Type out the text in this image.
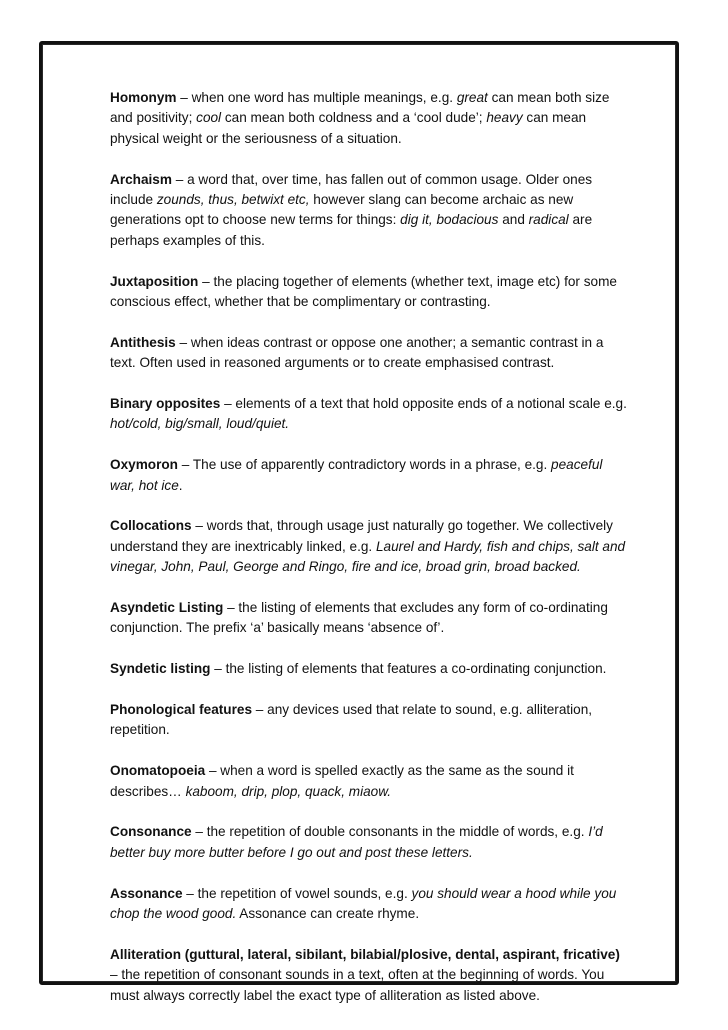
Homonym – when one word has multiple meanings, e.g. great can mean both size and positivity; cool can mean both coldness and a ‘cool dude’; heavy can mean physical weight or the seriousness of a situation.

Archaism – a word that, over time, has fallen out of common usage. Older ones include zounds, thus, betwixt etc, however slang can become archaic as new generations opt to choose new terms for things: dig it, bodacious and radical are perhaps examples of this.

Juxtaposition – the placing together of elements (whether text, image etc) for some conscious effect, whether that be complimentary or contrasting.

Antithesis – when ideas contrast or oppose one another; a semantic contrast in a text. Often used in reasoned arguments or to create emphasised contrast.

Binary opposites – elements of a text that hold opposite ends of a notional scale e.g. hot/cold, big/small, loud/quiet.

Oxymoron – The use of apparently contradictory words in a phrase, e.g. peaceful war, hot ice.

Collocations – words that, through usage just naturally go together. We collectively understand they are inextricably linked, e.g. Laurel and Hardy, fish and chips, salt and vinegar, John, Paul, George and Ringo, fire and ice, broad grin, broad backed.

Asyndetic Listing – the listing of elements that excludes any form of co-ordinating conjunction. The prefix ‘a’ basically means ‘absence of’.

Syndetic listing – the listing of elements that features a co-ordinating conjunction.

Phonological features – any devices used that relate to sound, e.g. alliteration, repetition.

Onomatopoeia – when a word is spelled exactly as the same as the sound it describes… kaboom, drip, plop, quack, miaow.

Consonance – the repetition of double consonants in the middle of words, e.g. I’d better buy more butter before I go out and post these letters.

Assonance – the repetition of vowel sounds, e.g. you should wear a hood while you chop the wood good. Assonance can create rhyme.

Alliteration (guttural, lateral, sibilant, bilabial/plosive, dental, aspirant, fricative) – the repetition of consonant sounds in a text, often at the beginning of words. You must always correctly label the exact type of alliteration as listed above.
